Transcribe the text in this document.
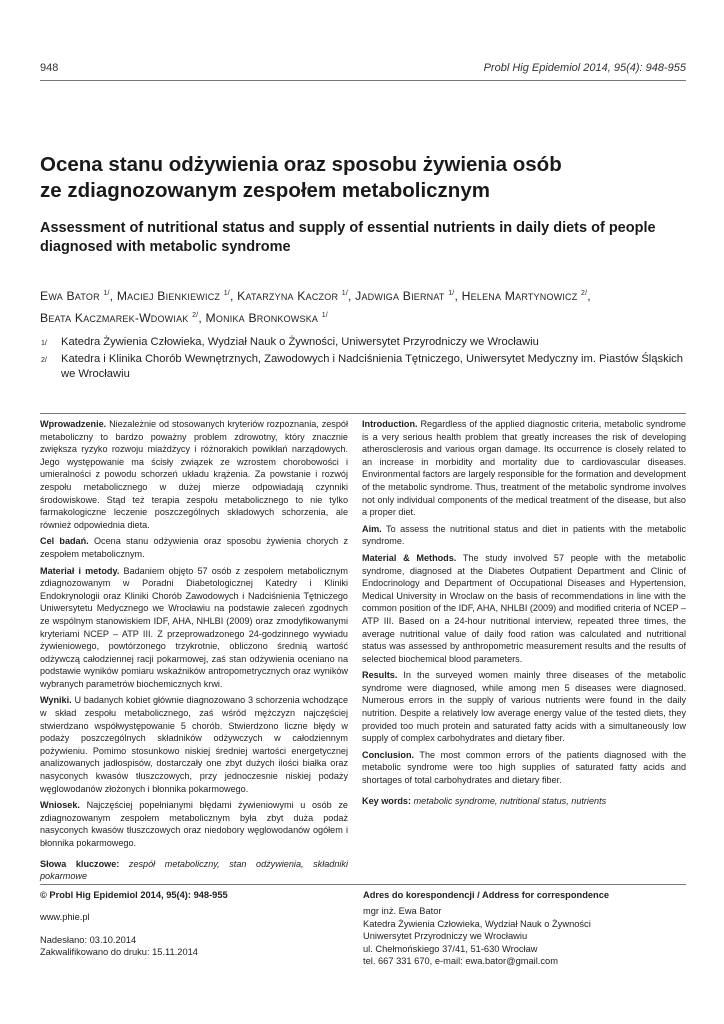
948	Probl Hig Epidemiol 2014, 95(4): 948-955
Ocena stanu odżywienia oraz sposobu żywienia osób
ze zdiagnozowanym zespołem metabolicznym
Assessment of nutritional status and supply of essential nutrients in daily diets of people
diagnosed with metabolic syndrome
Ewa Bator $^{1/}$, Maciej Bienkiewicz $^{1/}$, Katarzyna Kaczor $^{1/}$, Jadwiga Biernat $^{1/}$, Helena Martynowicz $^{2/}$,
Beata Kaczmarek-Wdowiak $^{2/}$, Monika Bronkowska $^{1/}$
1/ Katedra Żywienia Człowieka, Wydział Nauk o Żywności, Uniwersytet Przyrodniczy we Wrocławiu
2/ Katedra i Klinika Chorób Wewnętrznych, Zawodowych i Nadciśnienia Tętniczego, Uniwersytet Medyczny im. Piastów Śląskich we Wrocławiu

Wprowadzenie. Niezależnie od stosowanych kryteriów rozpoznania, zespół metaboliczny to bardzo poważny problem zdrowotny, który znacznie zwiększa ryzyko rozwoju miażdżycy i różnorakich powikłań narządowych. Jego występowanie ma ścisły związek ze wzrostem chorobowości i umieralności z powodu schorzeń układu krążenia. Za powstanie i rozwój zespołu metabolicznego w dużej mierze odpowiadają czynniki środowiskowe. Stąd też terapia zespołu metabolicznego to nie tylko farmakologiczne leczenie poszczególnych składowych schorzenia, ale również odpowiednia dieta.

Cel badań. Ocena stanu odżywienia oraz sposobu żywienia chorych z zespołem metabolicznym.

Materiał i metody. Badaniem objęto 57 osób z zespołem metabolicznym zdiagnozowanym w Poradni Diabetologicznej Katedry i Kliniki Endokrynologii oraz Kliniki Chorób Zawodowych i Nadciśnienia Tętniczego Uniwersytetu Medycznego we Wrocławiu na podstawie zaleceń zgodnych ze wspólnym stanowiskiem IDF, AHA, NHLBI (2009) oraz zmodyfikowanymi kryteriami NCEP – ATP III. Z przeprowadzonego 24-godzinnego wywiadu żywieniowego, powtórzonego trzykrotnie, obliczono średnią wartość odżywczą całodziennej racji pokarmowej, zaś stan odżywienia oceniano na podstawie wyników pomiaru wskaźników antropometrycznych oraz wyników wybranych parametrów biochemicznych krwi.

Wyniki. U badanych kobiet głównie diagnozowano 3 schorzenia wchodzące w skład zespołu metabolicznego, zaś wśród mężczyzn najczęściej stwierdzano współwystępowanie 5 chorób. Stwierdzono liczne błędy w podaży poszczególnych składników odżywczych w całodziennym pożywieniu. Pomimo stosunkowo niskiej średniej wartości energetycznej analizowanych jadłospisów, dostarczały one zbyt dużych ilości białka oraz nasyconych kwasów tłuszczowych, przy jednoczesnie niskiej podaży węglowodanów złożonych i błonnika pokarmowego.

Wniosek. Najczęściej popełnianymi błędami żywieniowymi u osób ze zdiagnozowanym zespołem metabolicznym była zbyt duża podaż nasyconych kwasów tłuszczowych oraz niedobory węglowodanów ogółem i błonnika pokarmowego.

Słowa kluczowe: zespół metaboliczny, stan odżywienia, składniki pokarmowe

Introduction. Regardless of the applied diagnostic criteria, metabolic syndrome is a very serious health problem that greatly increases the risk of developing atherosclerosis and various organ damage. Its occurrence is closely related to an increase in morbidity and mortality due to cardiovascular diseases. Environmental factors are largely responsible for the formation and development of the metabolic syndrome. Thus, treatment of the metabolic syndrome involves not only individual components of the medical treatment of the disease, but also a proper diet.

Aim. To assess the nutritional status and diet in patients with the metabolic syndrome.

Material & Methods. The study involved 57 people with the metabolic syndrome, diagnosed at the Diabetes Outpatient Department and Clinic of Endocrinology and Department of Occupational Diseases and Hypertension, Medical University in Wroclaw on the basis of recommendations in line with the common position of the IDF, AHA, NHLBI (2009) and modified criteria of NCEP – ATP III. Based on a 24-hour nutritional interview, repeated three times, the average nutritional value of daily food ration was calculated and nutritional status was assessed by anthropometric measurement results and the results of selected biochemical blood parameters.

Results. In the surveyed women mainly three diseases of the metabolic syndrome were diagnosed, while among men 5 diseases were diagnosed. Numerous errors in the supply of various nutrients were found in the daily nutrition. Despite a relatively low average energy value of the tested diets, they provided too much protein and saturated fatty acids with a simultaneously low supply of complex carbohydrates and dietary fiber.

Conclusion. The most common errors of the patients diagnosed with the metabolic syndrome were too high supplies of saturated fatty acids and shortages of total carbohydrates and dietary fiber.

Key words: metabolic syndrome, nutritional status, nutrients

© Probl Hig Epidemiol 2014, 95(4): 948-955
www.phie.pl
Nadesłano: 03.10.2014
Zakwalifikowano do druku: 15.11.2014
Adres do korespondencji / Address for correspondence
mgr inż. Ewa Bator
Katedra Żywienia Człowieka, Wydział Nauk o Żywności
Uniwersytet Przyrodniczy we Wrocławiu
ul. Chełmońskiego 37/41, 51-630 Wrocław
tel. 667 331 670, e-mail: ewa.bator@gmail.com
